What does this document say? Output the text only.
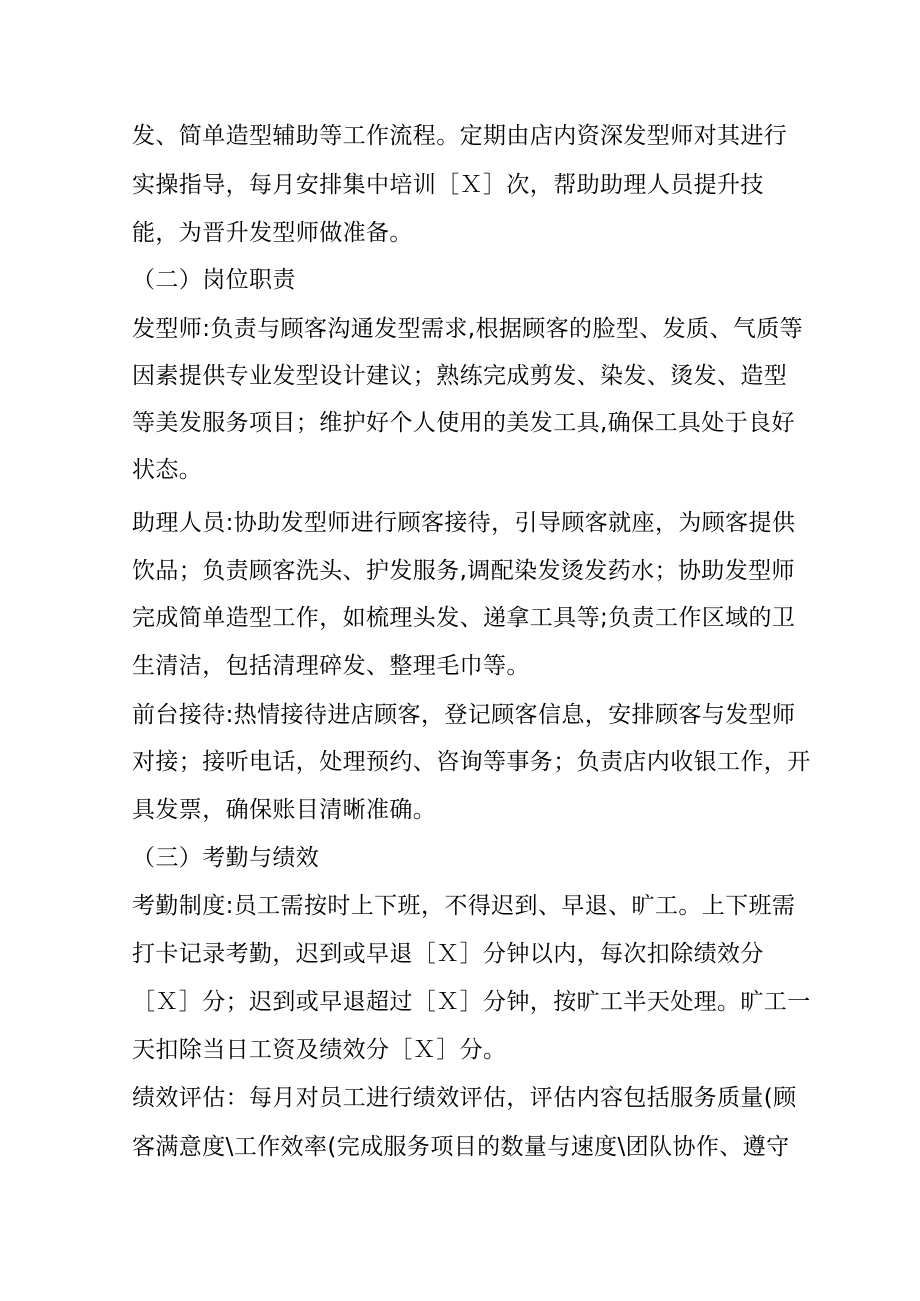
发、简单造型辅助等工作流程。定期由店内资深发型师对其进行
实操指导，每月安排集中培训［Ｘ］次，帮助助理人员提升技
能，为晋升发型师做准备。
（二）岗位职责
发型师:负责与顾客沟通发型需求,根据顾客的脸型、发质、气质等
因素提供专业发型设计建议；熟练完成剪发、染发、烫发、造型
等美发服务项目；维护好个人使用的美发工具,确保工具处于良好
状态。
助理人员:协助发型师进行顾客接待，引导顾客就座，为顾客提供
饮品；负责顾客洗头、护发服务,调配染发烫发药水；协助发型师
完成简单造型工作，如梳理头发、递拿工具等;负责工作区域的卫
生清洁，包括清理碎发、整理毛巾等。
前台接待:热情接待进店顾客，登记顾客信息，安排顾客与发型师
对接；接听电话，处理预约、咨询等事务；负责店内收银工作，开
具发票，确保账目清晰准确。
（三）考勤与绩效
考勤制度:员工需按时上下班，不得迟到、早退、旷工。上下班需
打卡记录考勤，迟到或早退［Ｘ］分钟以内，每次扣除绩效分
［Ｘ］分；迟到或早退超过［Ｘ］分钟，按旷工半天处理。旷工一
天扣除当日工资及绩效分［Ｘ］分。
绩效评估：每月对员工进行绩效评估，评估内容包括服务质量(顾
客满意度\工作效率(完成服务项目的数量与速度\团队协作、遵守
